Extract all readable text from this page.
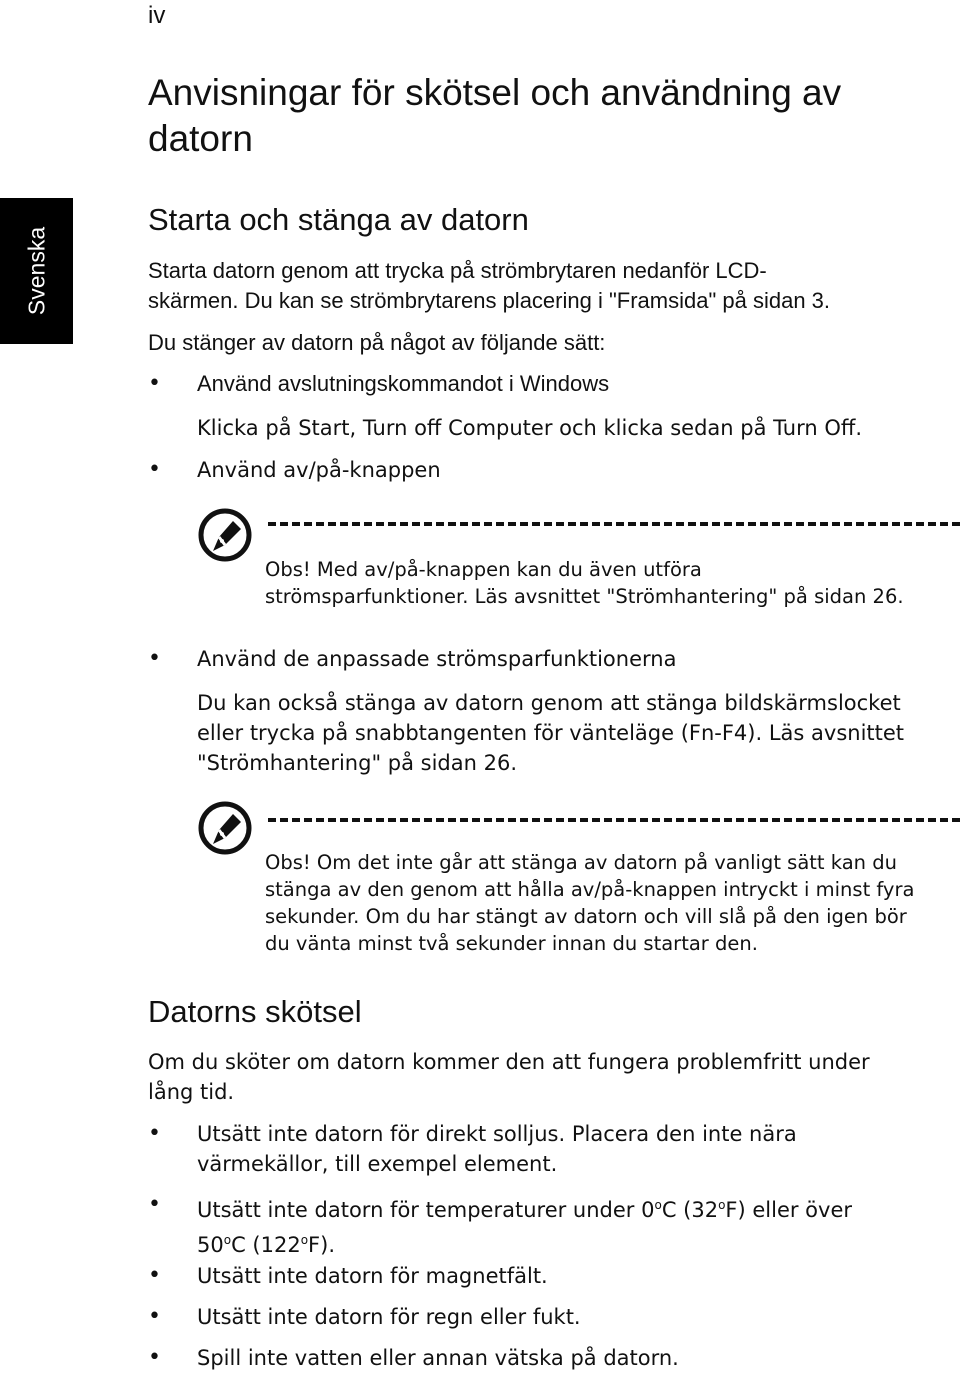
iv
Svenska
Anvisningar för skötsel och användning av datorn
Starta och stänga av datorn
Starta datorn genom att trycka på strömbrytaren nedanför LCD-
skärmen. Du kan se strömbrytarens placering i "Framsida" på sidan 3.
Du stänger av datorn på något av följande sätt:
• Använd avslutningskommandot i Windows
Klicka på Start, Turn off Computer och klicka sedan på Turn Off.
• Använd av/på-knappen
Obs! Med av/på-knappen kan du även utföra
strömsparfunktioner. Läs avsnittet "Strömhantering" på sidan 26.
• Använd de anpassade strömsparfunktionerna
Du kan också stänga av datorn genom att stänga bildskärmslocket
eller trycka på snabbtangenten för vänteläge (Fn-F4). Läs avsnittet
"Strömhantering" på sidan 26.
Obs! Om det inte går att stänga av datorn på vanligt sätt kan du
stänga av den genom att hålla av/på-knappen intryckt i minst fyra
sekunder. Om du har stängt av datorn och vill slå på den igen bör
du vänta minst två sekunder innan du startar den.
Datorns skötsel
Om du sköter om datorn kommer den att fungera problemfritt under
lång tid.
• Utsätt inte datorn för direkt solljus. Placera den inte nära
värmekällor, till exempel element.
• Utsätt inte datorn för temperaturer under 0$^o$C (32$^o$F) eller över
50$^o$C (122$^o$F).
• Utsätt inte datorn för magnetfält.
• Utsätt inte datorn för regn eller fukt.
• Spill inte vatten eller annan vätska på datorn.
